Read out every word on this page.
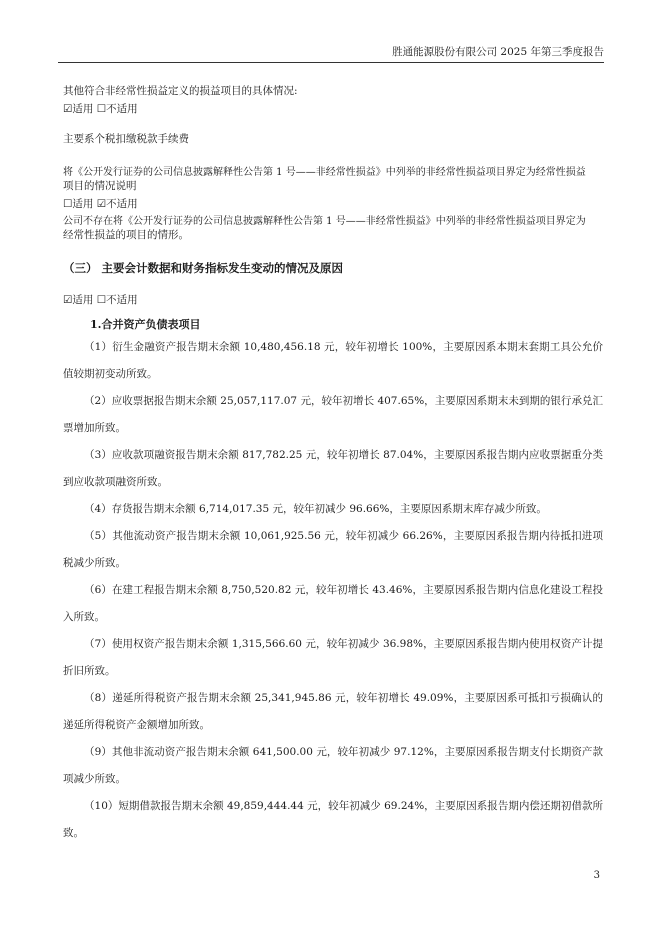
胜通能源股份有限公司 2025 年第三季度报告
其他符合非经常性损益定义的损益项目的具体情况:
☑适用 ☐不适用
主要系个税扣缴税款手续费
将《公开发行证券的公司信息披露解释性公告第 1 号——非经常性损益》中列举的非经常性损益项目界定为经常性损益
项目的情况说明
☐适用 ☑不适用
公司不存在将《公开发行证券的公司信息披露解释性公告第 1 号——非经常性损益》中列举的非经常性损益项目界定为
经常性损益的项目的情形。
（三） 主要会计数据和财务指标发生变动的情况及原因
☑适用 ☐不适用
1.合并资产负债表项目

（1）衍生金融资产报告期末余额 10,480,456.18 元，较年初增长 100%，主要原因系本期末套期工具公允价值较期初变动所致。

（2）应收票据报告期末余额 25,057,117.07 元，较年初增长 407.65%，主要原因系期末未到期的银行承兑汇票增加所致。

（3）应收款项融资报告期末余额 817,782.25 元，较年初增长 87.04%，主要原因系报告期内应收票据重分类到应收款项融资所致。

（4）存货报告期末余额 6,714,017.35 元，较年初减少 96.66%，主要原因系期末库存减少所致。

（5）其他流动资产报告期末余额 10,061,925.56 元，较年初减少 66.26%，主要原因系报告期内待抵扣进项税减少所致。

（6）在建工程报告期末余额 8,750,520.82 元，较年初增长 43.46%，主要原因系报告期内信息化建设工程投入所致。

（7）使用权资产报告期末余额 1,315,566.60 元，较年初减少 36.98%，主要原因系报告期内使用权资产计提折旧所致。

（8）递延所得税资产报告期末余额 25,341,945.86 元，较年初增长 49.09%，主要原因系可抵扣亏损确认的递延所得税资产金额增加所致。

（9）其他非流动资产报告期末余额 641,500.00 元，较年初减少 97.12%，主要原因系报告期支付长期资产款项减少所致。

（10）短期借款报告期末余额 49,859,444.44 元，较年初减少 69.24%，主要原因系报告期内偿还期初借款所致。

3
